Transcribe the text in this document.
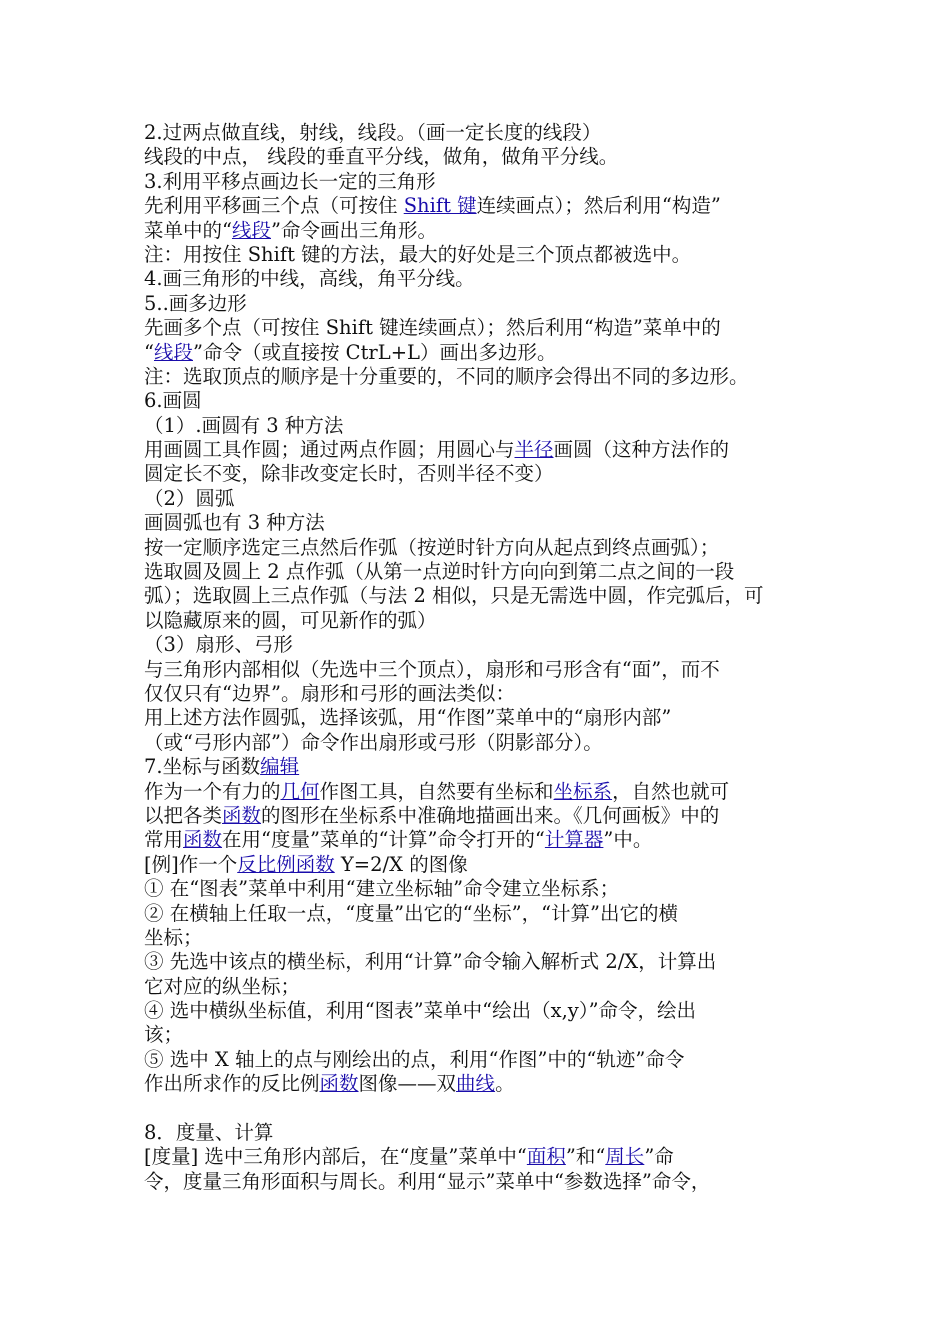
2.过两点做直线，射线，线段。（画一定长度的线段）
线段的中点， 线段的垂直平分线，做角，做角平分线。
3.利用平移点画边长一定的三角形
先利用平移画三个点（可按住 Shift 键连续画点）；然后利用“构造”
菜单中的“线段”命令画出三角形。
注：用按住 Shift 键的方法，最大的好处是三个顶点都被选中。
4.画三角形的中线，高线，角平分线。
5..画多边形
先画多个点（可按住 Shift 键连续画点）；然后利用“构造”菜单中的
“线段”命令（或直接按 CtrL+L）画出多边形。
注：选取顶点的顺序是十分重要的，不同的顺序会得出不同的多边形。
6.画圆
（1）.画圆有 3 种方法
用画圆工具作圆；通过两点作圆；用圆心与半径画圆（这种方法作的
圆定长不变，除非改变定长时，否则半径不变）
（2）圆弧
画圆弧也有 3 种方法
按一定顺序选定三点然后作弧（按逆时针方向从起点到终点画弧）；
选取圆及圆上 2 点作弧（从第一点逆时针方向向到第二点之间的一段
弧）；选取圆上三点作弧（与法 2 相似，只是无需选中圆，作完弧后，可
以隐藏原来的圆，可见新作的弧）
（3）扇形、弓形
与三角形内部相似（先选中三个顶点），扇形和弓形含有“面”，而不
仅仅只有“边界”。扇形和弓形的画法类似：
用上述方法作圆弧，选择该弧，用“作图”菜单中的“扇形内部”
（或“弓形内部”）命令作出扇形或弓形（阴影部分）。
7.坐标与函数编辑
作为一个有力的几何作图工具，自然要有坐标和坐标系，自然也就可
以把各类函数的图形在坐标系中准确地描画出来。《几何画板》中的
常用函数在用“度量”菜单的“计算”命令打开的“计算器”中。
[例]作一个反比例函数 Y=2/X 的图像
① 在“图表”菜单中利用“建立坐标轴”命令建立坐标系；
② 在横轴上任取一点，“度量”出它的“坐标”，“计算”出它的横
坐标；
③ 先选中该点的横坐标，利用“计算”命令输入解析式 2/X，计算出
它对应的纵坐标；
④ 选中横纵坐标值，利用“图表”菜单中“绘出（x,y）”命令，绘出
该；
⑤ 选中 X 轴上的点与刚绘出的点，利用“作图”中的“轨迹”命令
作出所求作的反比例函数图像——双曲线。
8．度量、计算
[度量] 选中三角形内部后，在“度量”菜单中“面积”和“周长”命
令，度量三角形面积与周长。利用“显示”菜单中“参数选择”命令，
